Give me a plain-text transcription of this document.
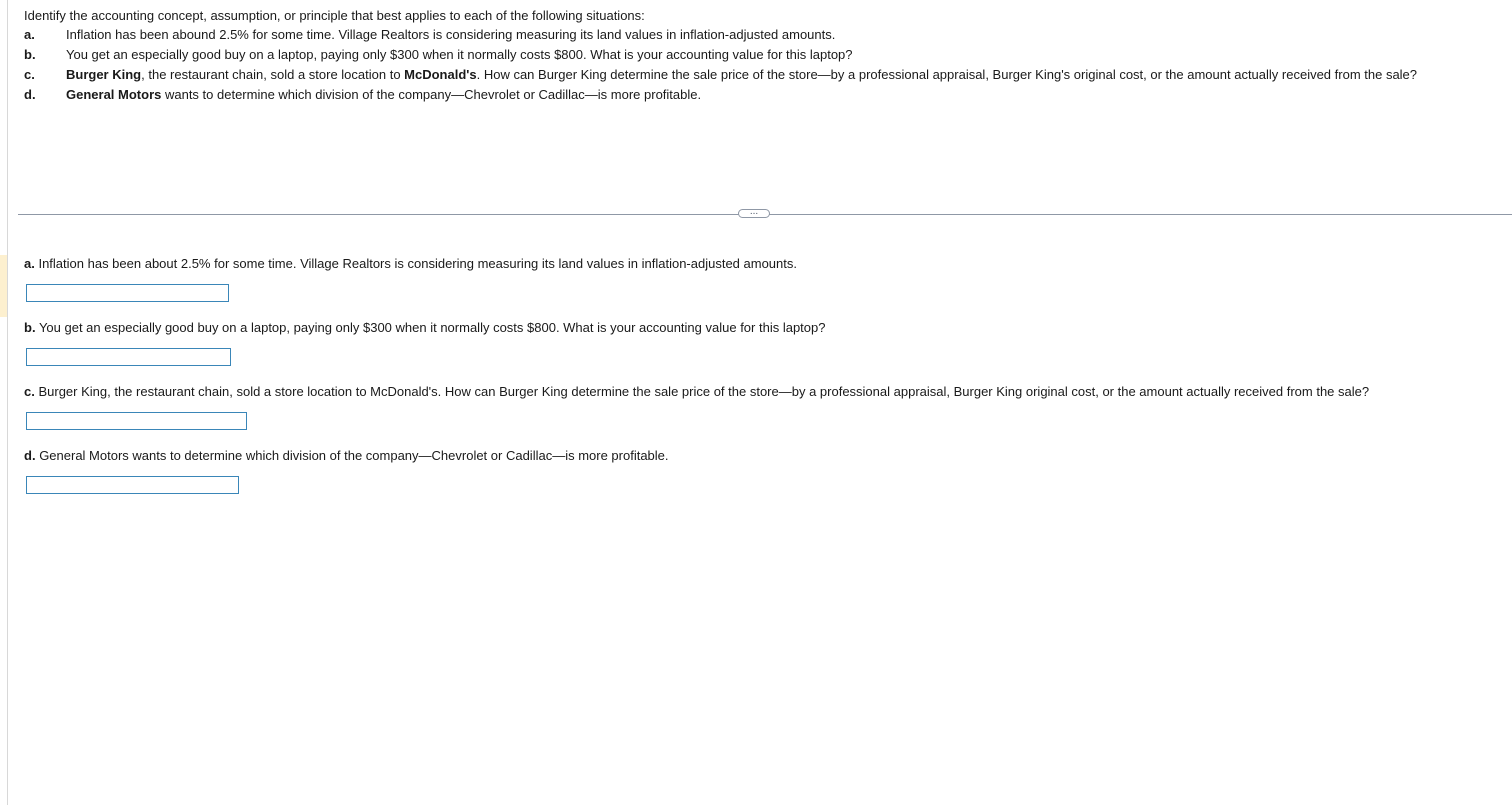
Identify the accounting concept, assumption, or principle that best applies to each of the following situations:

a.	Inflation has been abound 2.5% for some time. Village Realtors is considering measuring its land values in inflation-adjusted amounts.
b.	You get an especially good buy on a laptop, paying only $300 when it normally costs $800. What is your accounting value for this laptop?
c.	Burger King, the restaurant chain, sold a store location to McDonald's. How can Burger King determine the sale price of the store—by a professional appraisal, Burger King's original cost, or the amount actually received from the sale?
d.	General Motors wants to determine which division of the company—Chevrolet or Cadillac—is more profitable.
...
a. Inflation has been about 2.5% for some time. Village Realtors is considering measuring its land values in inflation-adjusted amounts.
b. You get an especially good buy on a laptop, paying only $300 when it normally costs $800. What is your accounting value for this laptop?
c. Burger King, the restaurant chain, sold a store location to McDonald's. How can Burger King determine the sale price of the store—by a professional appraisal, Burger King original cost, or the amount actually received from the sale?
d. General Motors wants to determine which division of the company—Chevrolet or Cadillac—is more profitable.
